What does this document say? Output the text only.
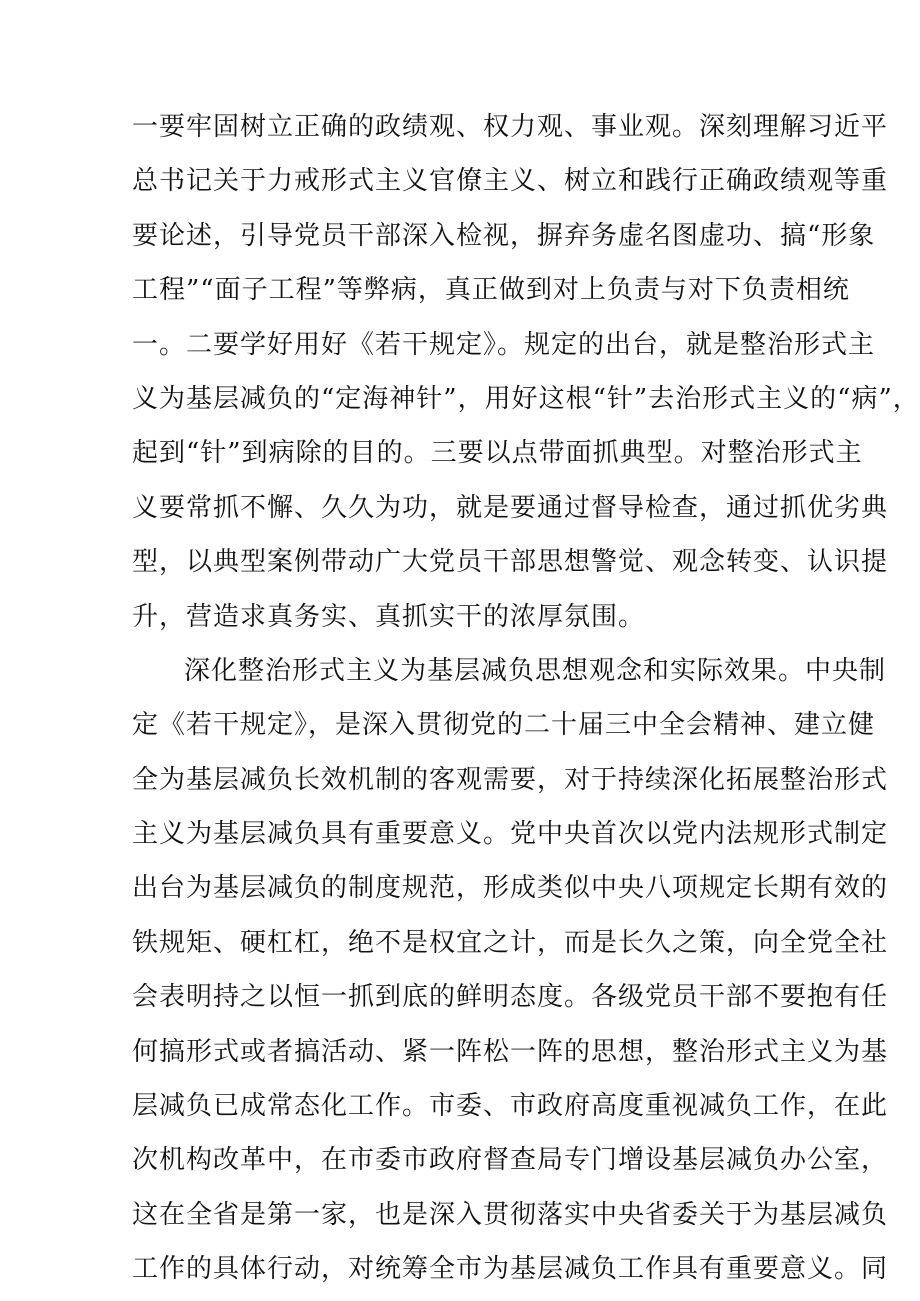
一要牢固树立正确的政绩观、权力观、事业观。深刻理解习近平
总书记关于力戒形式主义官僚主义、树立和践行正确政绩观等重
要论述，引导党员干部深入检视，摒弃务虚名图虚功、搞“形象
工程”“面子工程”等弊病，真正做到对上负责与对下负责相统
一。二要学好用好《若干规定》。规定的出台，就是整治形式主
义为基层减负的“定海神针”，用好这根“针”去治形式主义的“病”，
起到“针”到病除的目的。三要以点带面抓典型。对整治形式主
义要常抓不懈、久久为功，就是要通过督导检查，通过抓优劣典
型，以典型案例带动广大党员干部思想警觉、观念转变、认识提
升，营造求真务实、真抓实干的浓厚氛围。
深化整治形式主义为基层减负思想观念和实际效果。中央制
定《若干规定》，是深入贯彻党的二十届三中全会精神、建立健
全为基层减负长效机制的客观需要，对于持续深化拓展整治形式
主义为基层减负具有重要意义。党中央首次以党内法规形式制定
出台为基层减负的制度规范，形成类似中央八项规定长期有效的
铁规矩、硬杠杠，绝不是权宜之计，而是长久之策，向全党全社
会表明持之以恒一抓到底的鲜明态度。各级党员干部不要抱有任
何搞形式或者搞活动、紧一阵松一阵的思想，整治形式主义为基
层减负已成常态化工作。市委、市政府高度重视减负工作，在此
次机构改革中，在市委市政府督查局专门增设基层减负办公室，
这在全省是第一家，也是深入贯彻落实中央省委关于为基层减负
工作的具体行动，对统筹全市为基层减负工作具有重要意义。同
